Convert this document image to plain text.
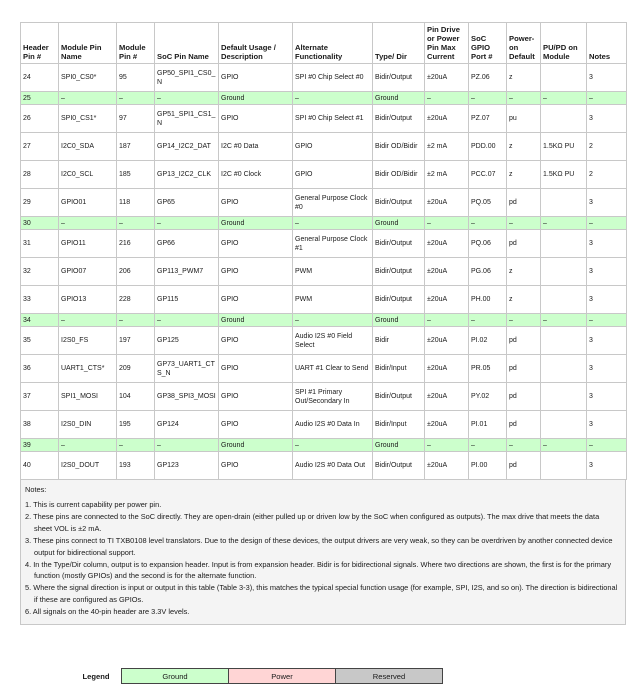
Header Pin #	Module Pin Name	Module Pin #	SoC Pin Name	Default Usage / Description	Alternate Functionality	Type/ Dir	Pin Drive or Power Pin Max Current	SoC GPIO Port #	Power-on Default	PU/PD on Module	Notes
24	SPI0_CS0*	95	GP50_SPI1_CS0_N	GPIO	SPI #0 Chip Select #0	Bidir/Output	±20uA	PZ.06	z		3
25	–	–	–	Ground	–	Ground	–	–	–	–	–
26	SPI0_CS1*	97	GP51_SPI1_CS1_N	GPIO	SPI #0 Chip Select #1	Bidir/Output	±20uA	PZ.07	pu		3
27	I2C0_SDA	187	GP14_I2C2_DAT	I2C #0 Data	GPIO	Bidir OD/Bidir	±2 mA	PDD.00	z	1.5KΩ PU	2
28	I2C0_SCL	185	GP13_I2C2_CLK	I2C #0 Clock	GPIO	Bidir OD/Bidir	±2 mA	PCC.07	z	1.5KΩ PU	2
29	GPIO01	118	GP65	GPIO	General Purpose Clock #0	Bidir/Output	±20uA	PQ.05	pd		3
30	–	–	–	Ground	–	Ground	–	–	–	–	–
31	GPIO11	216	GP66	GPIO	General Purpose Clock #1	Bidir/Output	±20uA	PQ.06	pd		3
32	GPIO07	206	GP113_PWM7	GPIO	PWM	Bidir/Output	±20uA	PG.06	z		3
33	GPIO13	228	GP115	GPIO	PWM	Bidir/Output	±20uA	PH.00	z		3
34	–	–	–	Ground	–	Ground	–	–	–	–	–
35	I2S0_FS	197	GP125	GPIO	Audio I2S #0 Field Select	Bidir	±20uA	PI.02	pd		3
36	UART1_CTS*	209	GP73_UART1_CTS_N	GPIO	UART #1 Clear to Send	Bidir/Input	±20uA	PR.05	pd		3
37	SPI1_MOSI	104	GP38_SPI3_MOSI	GPIO	SPI #1 Primary Out/Secondary In	Bidir/Output	±20uA	PY.02	pd		3
38	I2S0_DIN	195	GP124	GPIO	Audio I2S #0 Data In	Bidir/Input	±20uA	PI.01	pd		3
39	–	–	–	Ground	–	Ground	–	–	–	–	–
40	I2S0_DOUT	193	GP123	GPIO	Audio I2S #0 Data Out	Bidir/Output	±20uA	PI.00	pd		3
Notes:
1. This is current capability per power pin.
2. These pins are connected to the SoC directly. They are open-drain (either pulled up or driven low by the SoC when configured as outputs). The max drive that meets the data sheet VOL is ±2 mA.
3. These pins connect to TI TXB0108 level translators. Due to the design of these devices, the output drivers are very weak, so they can be overdriven by another connected device output for bidirectional support.
4. In the Type/Dir column, output is to expansion header. Input is from expansion header. Bidir is for bidirectional signals. Where two directions are shown, the first is for the primary function (mostly GPIOs) and the second is for the alternate function.
5. Where the signal direction is input or output in this table (Table 3-3), this matches the typical special function usage (for example, SPI, I2S, and so on). The direction is bidirectional if these are configured as GPIOs.
6. All signals on the 40-pin header are 3.3V levels.
Legend	Ground	Power	Reserved
